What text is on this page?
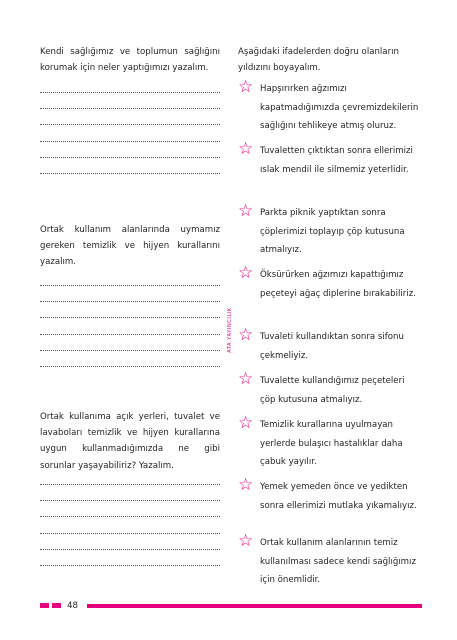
Kendi sağlığımız ve toplumun sağlığını korumak için neler yaptığımızı yazalım.
Ortak kullanım alanlarında uymamız gereken temizlik ve hijyen kurallarını yazalım.
Ortak kullanıma açık yerleri, tuvalet ve lavaboları temizlik ve hijyen kurallarına uygun kullanmadığımızda ne gibi sorunlar yaşayabiliriz? Yazalım.
ATA YAYINCILIK
Aşağıdaki ifadelerden doğru olanların yıldızını boyayalım.
☆ Hapşırırken ağzımızı kapatmadığımızda çevremizdekilerin sağlığını tehlikeye atmış oluruz.
☆ Tuvaletten çıktıktan sonra ellerimizi ıslak mendil ile silmemiz yeterlidir.
☆ Parkta piknik yaptıktan sonra çöplerimizi toplayıp çöp kutusuna atmalıyız.
☆ Öksürürken ağzımızı kapattığımız peçeteyi ağaç diplerine bırakabiliriz.
☆ Tuvaleti kullandıktan sonra sifonu çekmeliyiz.
☆ Tuvalette kullandığımız peçeteleri çöp kutusuna atmalıyız.
☆ Temizlik kurallarına uyulmayan yerlerde bulaşıcı hastalıklar daha çabuk yayılır.
☆ Yemek yemeden önce ve yedikten sonra ellerimizi mutlaka yıkamalıyız.
☆ Ortak kullanım alanlarının temiz kullanılması sadece kendi sağlığımız için önemlidir.
48
